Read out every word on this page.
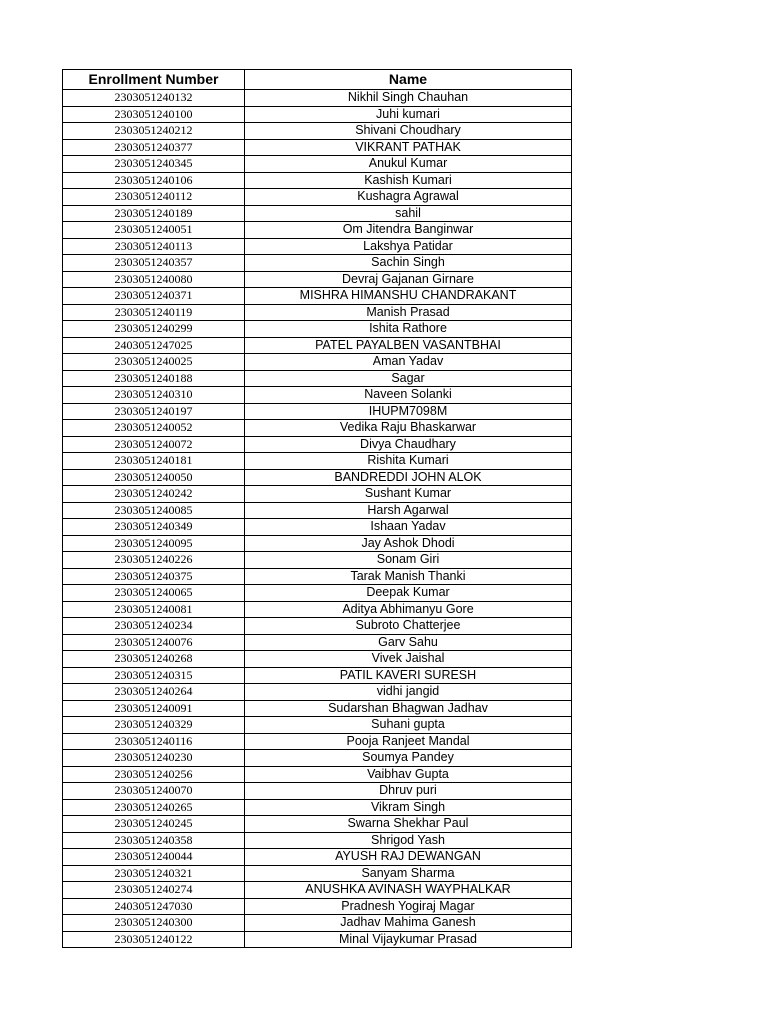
Enrollment Number	Name
2303051240132	Nikhil Singh Chauhan
2303051240100	Juhi kumari
2303051240212	Shivani Choudhary
2303051240377	VIKRANT PATHAK
2303051240345	Anukul Kumar
2303051240106	Kashish Kumari
2303051240112	Kushagra Agrawal
2303051240189	sahil
2303051240051	Om Jitendra Banginwar
2303051240113	Lakshya Patidar
2303051240357	Sachin Singh
2303051240080	Devraj Gajanan Girnare
2303051240371	MISHRA HIMANSHU CHANDRAKANT
2303051240119	Manish Prasad
2303051240299	Ishita Rathore
2403051247025	PATEL PAYALBEN VASANTBHAI
2303051240025	Aman Yadav
2303051240188	Sagar
2303051240310	Naveen Solanki
2303051240197	IHUPM7098M
2303051240052	Vedika Raju Bhaskarwar
2303051240072	Divya Chaudhary
2303051240181	Rishita Kumari
2303051240050	BANDREDDI JOHN ALOK
2303051240242	Sushant Kumar
2303051240085	Harsh Agarwal
2303051240349	Ishaan Yadav
2303051240095	Jay Ashok Dhodi
2303051240226	Sonam Giri
2303051240375	Tarak Manish Thanki
2303051240065	Deepak Kumar
2303051240081	Aditya Abhimanyu Gore
2303051240234	Subroto Chatterjee
2303051240076	Garv Sahu
2303051240268	Vivek Jaishal
2303051240315	PATIL KAVERI SURESH
2303051240264	vidhi jangid
2303051240091	Sudarshan Bhagwan Jadhav
2303051240329	Suhani gupta
2303051240116	Pooja Ranjeet Mandal
2303051240230	Soumya Pandey
2303051240256	Vaibhav Gupta
2303051240070	Dhruv puri
2303051240265	Vikram Singh
2303051240245	Swarna Shekhar Paul
2303051240358	Shrigod Yash
2303051240044	AYUSH RAJ DEWANGAN
2303051240321	Sanyam Sharma
2303051240274	ANUSHKA AVINASH WAYPHALKAR
2403051247030	Pradnesh Yogiraj Magar
2303051240300	Jadhav Mahima Ganesh
2303051240122	Minal Vijaykumar Prasad
